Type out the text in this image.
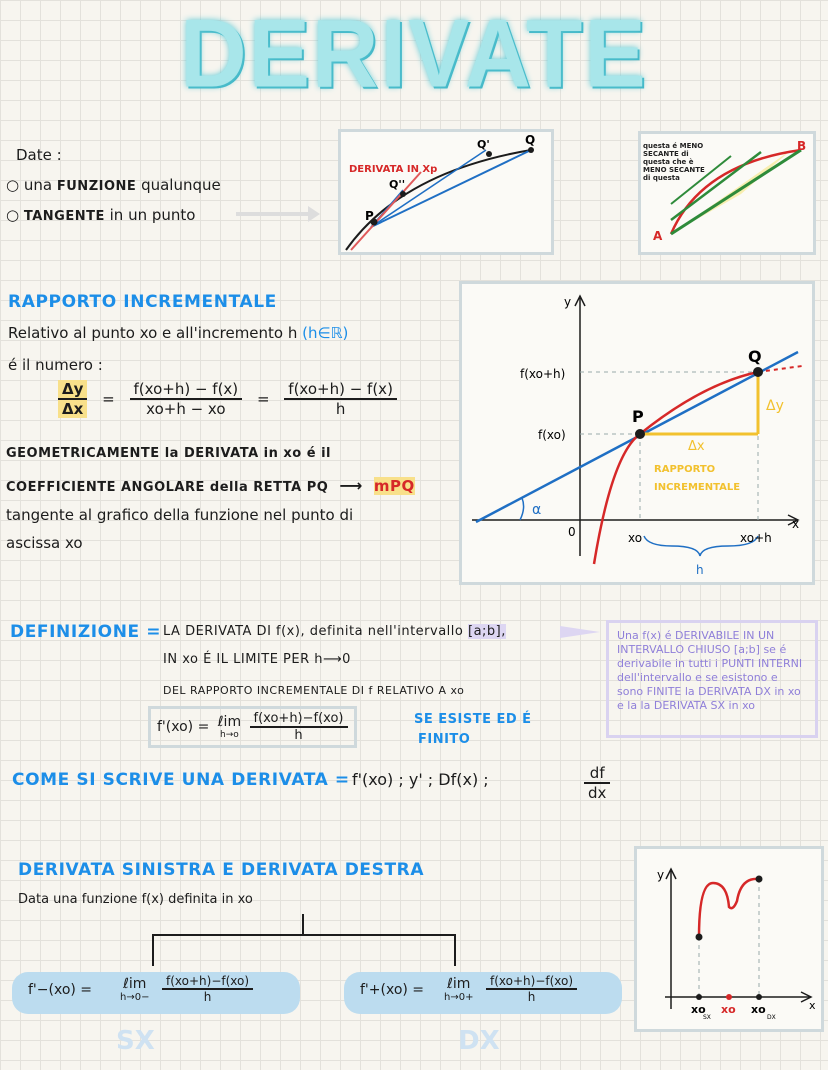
DERIVATE
Date :
○ una FUNZIONE qualunque
○ TANGENTE in un punto
DERIVATA IN Xp
P
Q''
Q'	Q
A
B
questa é MENO SECANTE di questa che è MENO SECANTE di questa
RAPPORTO INCREMENTALE
Relativo al punto xo e all'incremento h (h∈ℝ)
é il numero :
$\frac{\Delta y}{\Delta x} = \frac{f(xo+h) - f(x)}{xo+h - xo} = \frac{f(xo+h) - f(x)}{h}$
GEOMETRICAMENTE la DERIVATA in xo é il
COEFFICIENTE ANGOLARE della RETTA PQ ⟶ mPQ
tangente al grafico della funzione nel punto di
ascissa xo
y
x
0
f(xo+h)
f(xo)
P
Q
Δx
Δy
RAPPORTO
INCREMENTALE
α
xo	xo+h
h
DEFINIZIONE = LA DERIVATA DI f(x), definita nell'intervallo [a;b],
IN xo É IL LIMITE PER h⟶0
DEL RAPPORTO INCREMENTALE DI f RELATIVO A xo
f'(xo) = ℓim
h→o
$\frac{f(xo+h)-f(xo)}{h}$	SE ESISTE ED É
FINITO
Una f(x) é DERIVABILE IN UN INTERVALLO CHIUSO [a;b] se é derivabile in tutti i PUNTI INTERNI dell'intervallo e se esistono e sono FINITE la DERIVATA DX in xo e la la DERIVATA SX in xo
COME SI SCRIVE UNA DERIVATA = f'(xo) ; y' ; Df(x) ;	$\frac{df}{dx}$
DERIVATA SINISTRA E DERIVATA DESTRA
Data una funzione f(x) definita in xo
f'−(xo) = ℓim
$h\to 0- \frac{f(xo+h)-f(xo)}{h}$	f'+(xo) = ℓim
$h\to 0+ \frac{f(xo+h)-f(xo)}{h}$
SX	DX
y
x
xo
SX
xo xo
DX
